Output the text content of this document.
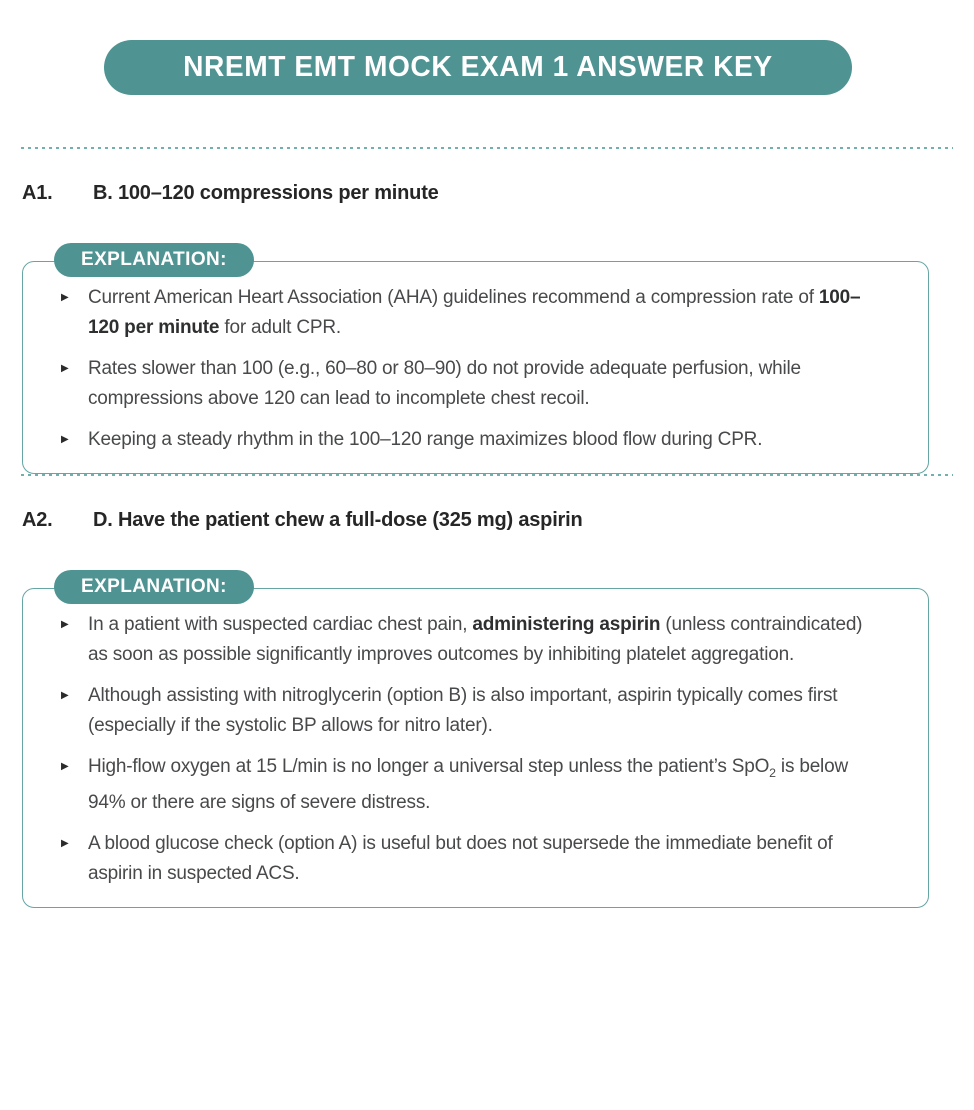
NREMT EMT MOCK EXAM 1 ANSWER KEY
A1.	B. 100–120 compressions per minute
EXPLANATION:
▶	Current American Heart Association (AHA) guidelines recommend a compression rate of 100–120 per minute for adult CPR.
▶	Rates slower than 100 (e.g., 60–80 or 80–90) do not provide adequate perfusion, while compressions above 120 can lead to incomplete chest recoil.
▶	Keeping a steady rhythm in the 100–120 range maximizes blood flow during CPR.
A2.	D. Have the patient chew a full-dose (325 mg) aspirin
EXPLANATION:
▶	In a patient with suspected cardiac chest pain, administering aspirin (unless contraindicated) as soon as possible significantly improves outcomes by inhibiting platelet aggregation.
▶	Although assisting with nitroglycerin (option B) is also important, aspirin typically comes first (especially if the systolic BP allows for nitro later).
▶	High-flow oxygen at 15 L/min is no longer a universal step unless the patient’s SpO$_2$ is below 94% or there are signs of severe distress.
▶	A blood glucose check (option A) is useful but does not supersede the immediate benefit of aspirin in suspected ACS.
